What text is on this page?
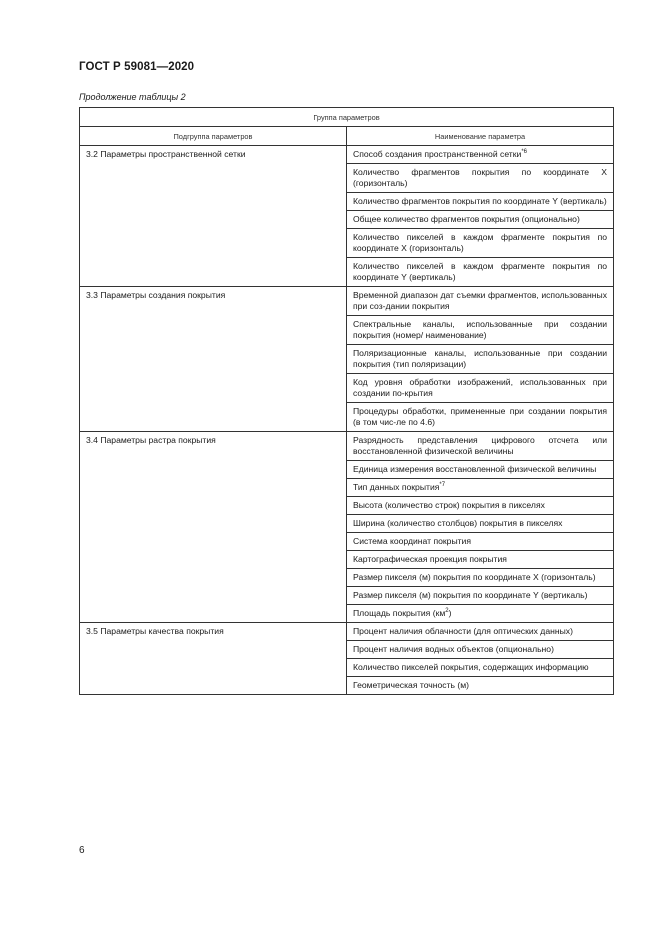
ГОСТ Р 59081—2020
Продолжение таблицы 2
Группа параметров	
Подгруппа параметров	Наименование параметра
3.2 Параметры пространственной сетки	Способ создания пространственной сетки$^{*6}$
	Количество фрагментов покрытия по координате X (горизонталь)
	Количество фрагментов покрытия по координате Y (вертикаль)
	Общее количество фрагментов покрытия (опционально)
	Количество пикселей в каждом фрагменте покрытия по координате X (горизонталь)
	Количество пикселей в каждом фрагменте покрытия по координате Y (вертикаль)
3.3 Параметры создания покрытия	Временной диапазон дат съемки фрагментов, использованных при соз-дании покрытия
	Спектральные каналы, использованные при создании покрытия (номер/ наименование)
	Поляризационные каналы, использованные при создании покрытия (тип поляризации)
	Код уровня обработки изображений, использованных при создании по-крытия
	Процедуры обработки, примененные при создании покрытия (в том чис-ле по 4.6)
3.4 Параметры растра покрытия	Разрядность представления цифрового отсчета или восстановленной физической величины
	Единица измерения восстановленной физической величины
	Тип данных покрытия$^{*7}$
	Высота (количество строк) покрытия в пикселях
	Ширина (количество столбцов) покрытия в пикселях
	Система координат покрытия
	Картографическая проекция покрытия
	Размер пикселя (м) покрытия по координате X (горизонталь)
	Размер пикселя (м) покрытия по координате Y (вертикаль)
	Площадь покрытия $(км^2)$
3.5 Параметры качества покрытия	Процент наличия облачности (для оптических данных)
	Процент наличия водных объектов (опционально)
	Количество пикселей покрытия, содержащих информацию
	Геометрическая точность (м)
6
